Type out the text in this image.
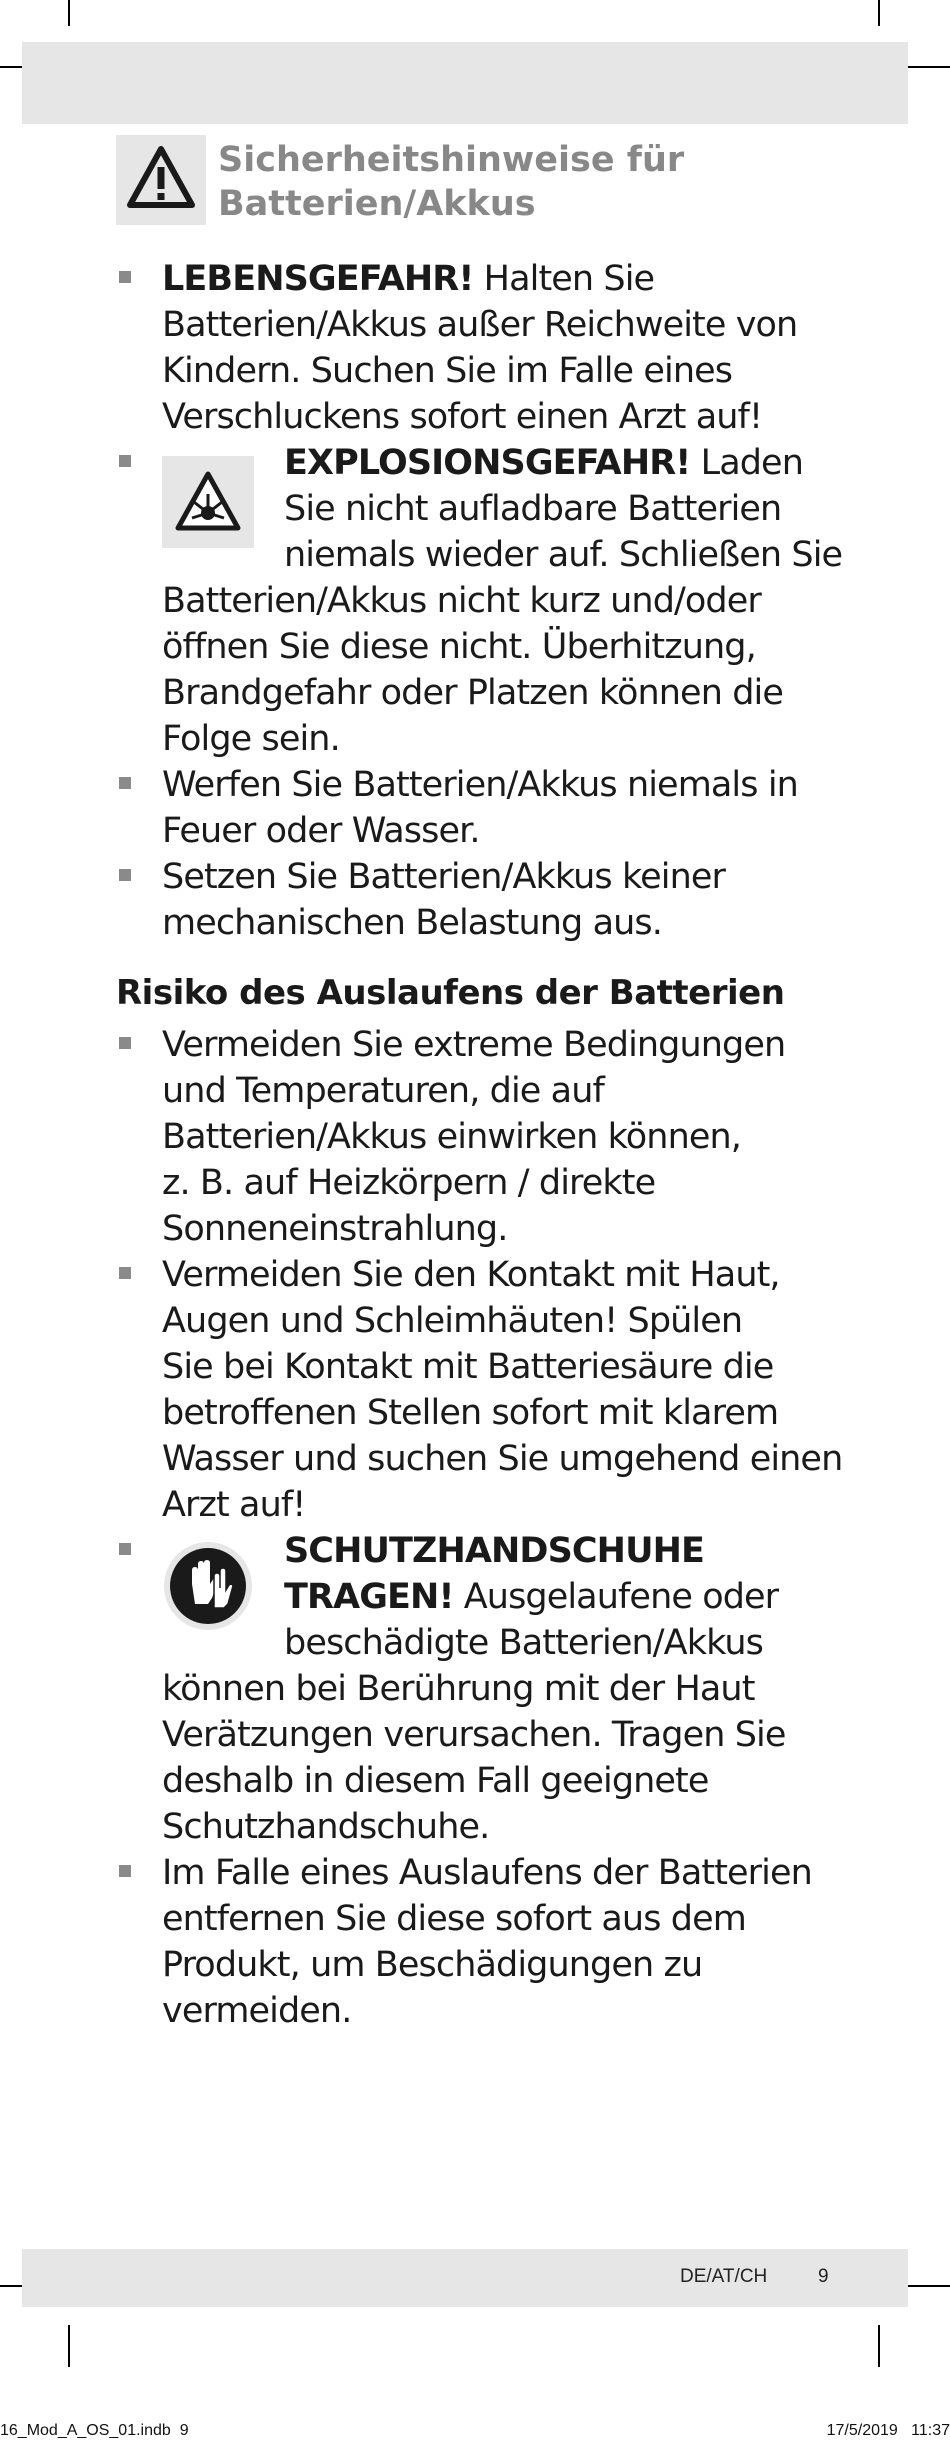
Sicherheitshinweise für
Batterien/Akkus
LEBENSGEFAHR! Halten Sie
Batterien/Akkus außer Reichweite von
Kindern. Suchen Sie im Falle eines
Verschluckens sofort einen Arzt auf!
EXPLOSIONSGEFAHR! Laden
Sie nicht aufladbare Batterien
niemals wieder auf. Schließen Sie
Batterien/Akkus nicht kurz und/oder
öffnen Sie diese nicht. Überhitzung,
Brandgefahr oder Platzen können die
Folge sein.
Werfen Sie Batterien/Akkus niemals in
Feuer oder Wasser.
Setzen Sie Batterien/Akkus keiner
mechanischen Belastung aus.
Risiko des Auslaufens der Batterien
Vermeiden Sie extreme Bedingungen
und Temperaturen, die auf
Batterien/Akkus einwirken können,
z. B. auf Heizkörpern / direkte
Sonneneinstrahlung.
Vermeiden Sie den Kontakt mit Haut,
Augen und Schleimhäuten! Spülen
Sie bei Kontakt mit Batteriesäure die
betroffenen Stellen sofort mit klarem
Wasser und suchen Sie umgehend einen
Arzt auf!
SCHUTZHANDSCHUHE
TRAGEN! Ausgelaufene oder
beschädigte Batterien/Akkus
können bei Berührung mit der Haut
Verätzungen verursachen. Tragen Sie
deshalb in diesem Fall geeignete
Schutzhandschuhe.
Im Falle eines Auslaufens der Batterien
entfernen Sie diese sofort aus dem
Produkt, um Beschädigungen zu
vermeiden.
DE/AT/CH	9
16_Mod_A_OS_01.indb  9	17/5/2019   11:37
